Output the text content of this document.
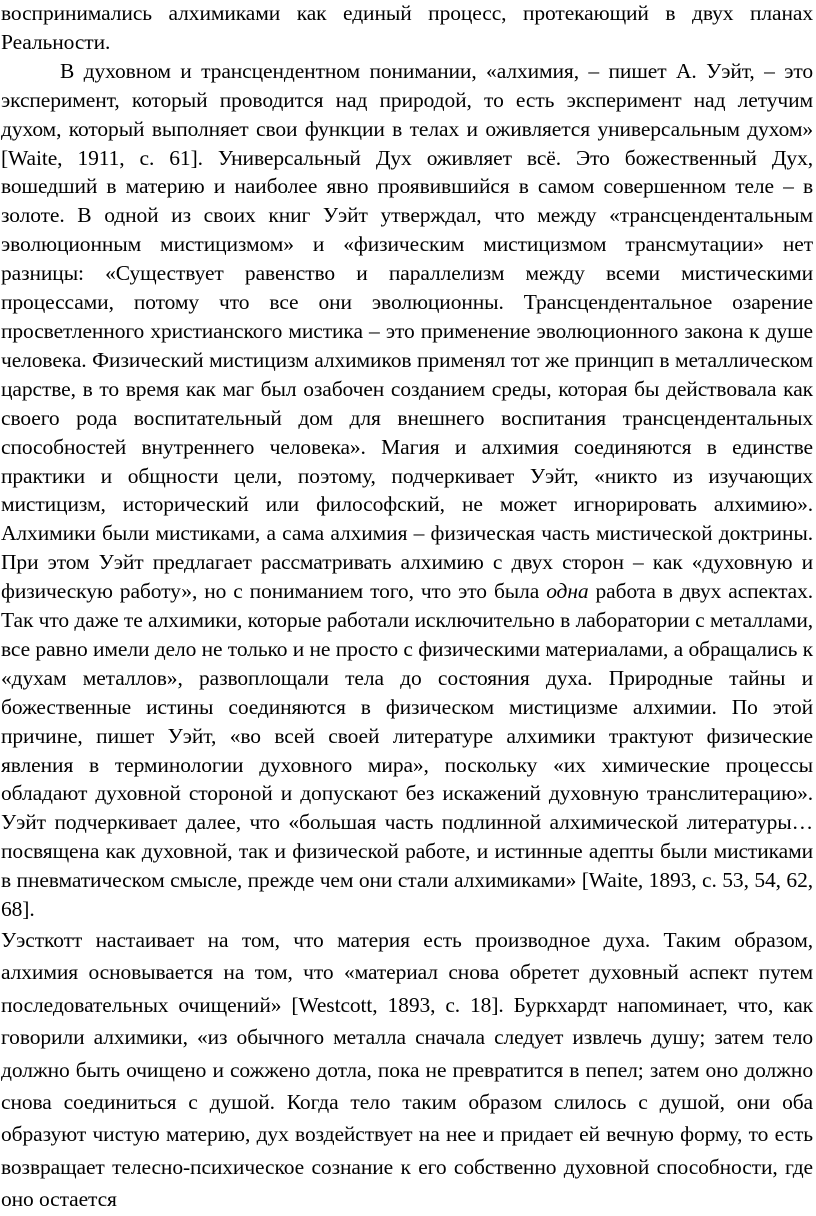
воспринимались алхимиками как единый процесс, протекающий в двух планах Реальности.

В духовном и трансцендентном понимании, «алхимия, – пишет А. Уэйт, – это эксперимент, который проводится над природой, то есть эксперимент над летучим духом, который выполняет свои функции в телах и оживляется универсальным духом» [Waite, 1911, c. 61]. Универсальный Дух оживляет всё. Это божественный Дух, вошедший в материю и наиболее явно проявившийся в самом совершенном теле – в золоте. В одной из своих книг Уэйт утверждал, что между «трансцендентальным эволюционным мистицизмом» и «физическим мистицизмом трансмутации» нет разницы: «Существует равенство и параллелизм между всеми мистическими процессами, потому что все они эволюционны. Трансцендентальное озарение просветленного христианского мистика – это применение эволюционного закона к душе человека. Физический мистицизм алхимиков применял тот же принцип в металлическом царстве, в то время как маг был озабочен созданием среды, которая бы действовала как своего рода воспитательный дом для внешнего воспитания трансцендентальных способностей внутреннего человека». Магия и алхимия соединяются в единстве практики и общности цели, поэтому, подчеркивает Уэйт, «никто из изучающих мистицизм, исторический или философский, не может игнорировать алхимию». Алхимики были мистиками, а сама алхимия – физическая часть мистической доктрины. При этом Уэйт предлагает рассматривать алхимию с двух сторон – как «духовную и физическую работу», но с пониманием того, что это была одна работа в двух аспектах. Так что даже те алхимики, которые работали исключительно в лаборатории с металлами, все равно имели дело не только и не просто с физическими материалами, а обращались к «духам металлов», развоплощали тела до состояния духа. Природные тайны и божественные истины соединяются в физическом мистицизме алхимии. По этой причине, пишет Уэйт, «во всей своей литературе алхимики трактуют физические явления в терминологии духовного мира», поскольку «их химические процессы обладают духовной стороной и допускают без искажений духовную транслитерацию». Уэйт подчеркивает далее, что «большая часть подлинной алхимической литературы… посвящена как духовной, так и физической работе, и истинные адепты были мистиками в пневматическом смысле, прежде чем они стали алхимиками» [Waite, 1893, c. 53, 54, 62, 68].

Уэсткотт настаивает на том, что материя есть производное духа. Таким образом, алхимия основывается на том, что «материал снова обретет духовный аспект путем последовательных очищений» [Westcott, 1893, c. 18]. Буркхардт напоминает, что, как говорили алхимики, «из обычного металла сначала следует извлечь душу; затем тело должно быть очищено и сожжено дотла, пока не превратится в пепел; затем оно должно снова соединиться с душой. Когда тело таким образом слилось с душой, они оба образуют чистую материю, дух воздействует на нее и придает ей вечную форму, то есть возвращает телесно-психическое сознание к его собственно духовной способности, где оно остается
